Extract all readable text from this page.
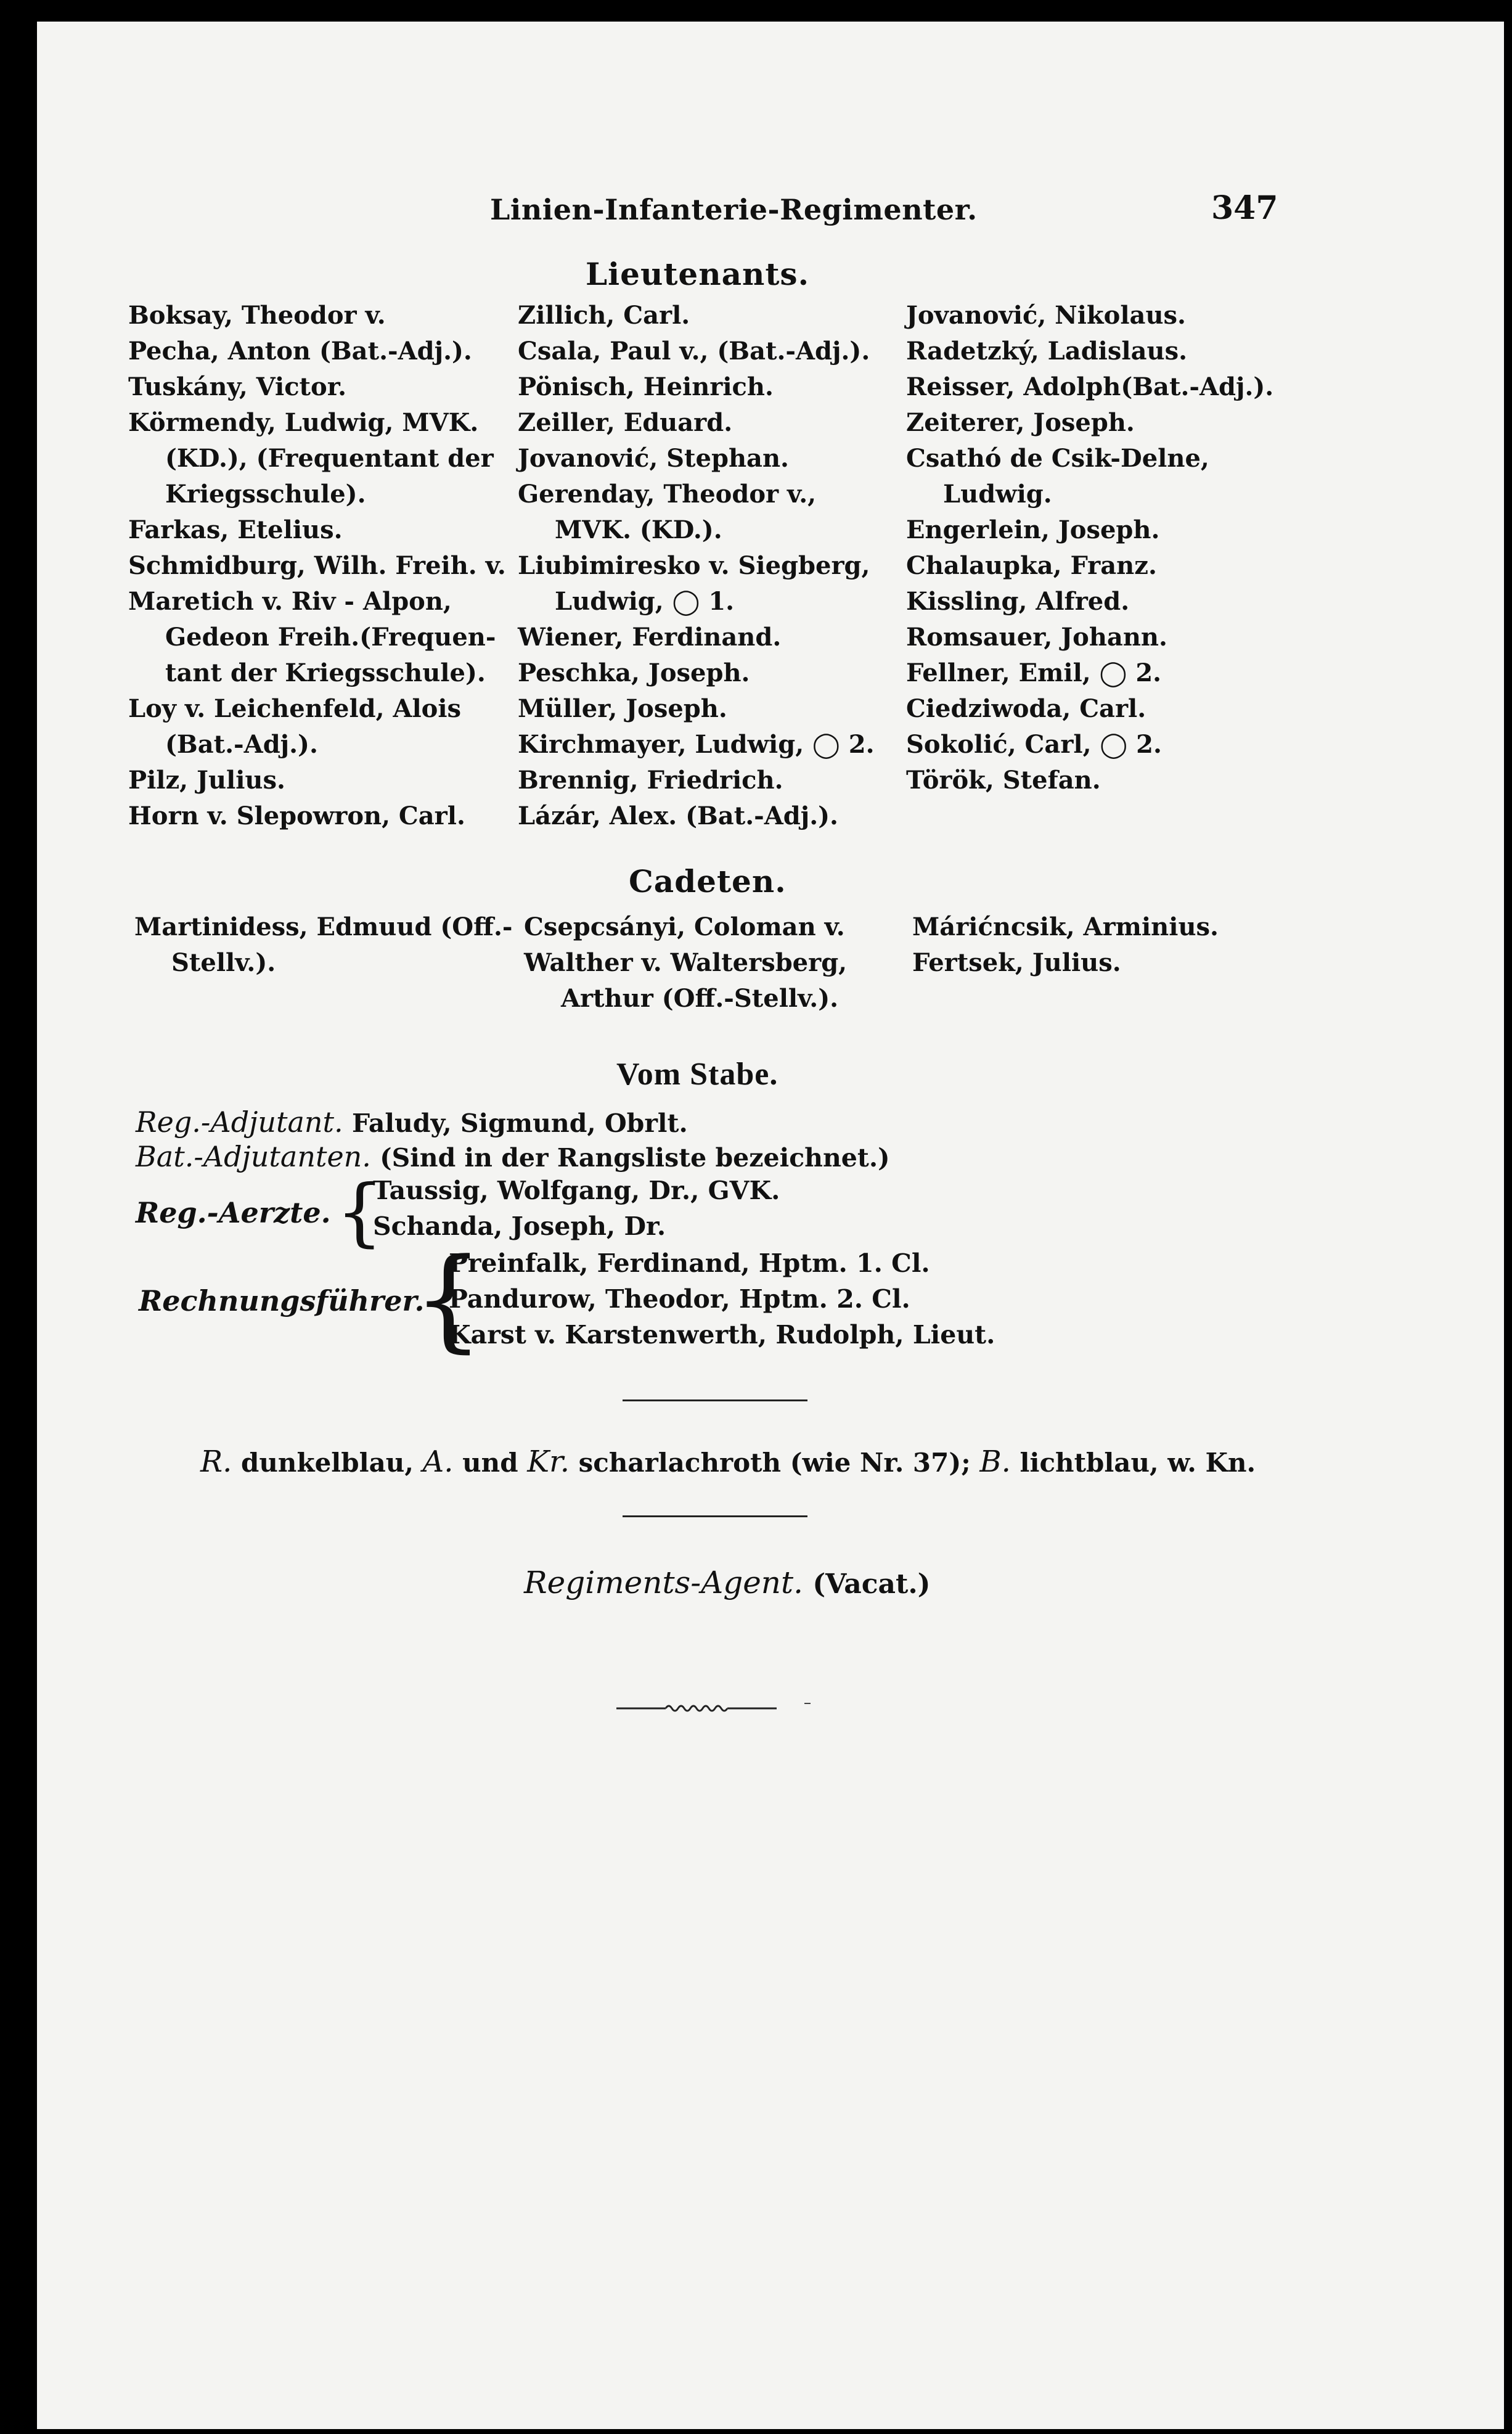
Linien-Infanterie-Regimenter.	347
Lieutenants.
Boksay, Theodor v.
Pecha, Anton (Bat.-Adj.).
Tuskány, Victor.
Körmendy, Ludwig, MVK.
(KD.), (Frequentant der
Kriegsschule).
Farkas, Etelius.
Schmidburg, Wilh. Freih. v.
Maretich v. Riv - Alpon,
Gedeon Freih.(Frequen-
tant der Kriegsschule).
Loy v. Leichenfeld, Alois
(Bat.-Adj.).
Pilz, Julius.
Horn v. Slepowron, Carl.
Zillich, Carl.
Csala, Paul v., (Bat.-Adj.).
Pönisch, Heinrich.
Zeiller, Eduard.
Jovanović, Stephan.
Gerenday, Theodor v.,
MVK. (KD.).
Liubimiresko v. Siegberg,
Ludwig, ◯ 1.
Wiener, Ferdinand.
Peschka, Joseph.
Müller, Joseph.
Kirchmayer, Ludwig, ◯ 2.
Brennig, Friedrich.
Lázár, Alex. (Bat.-Adj.).
Jovanović, Nikolaus.
Radetzký, Ladislaus.
Reisser, Adolph(Bat.-Adj.).
Zeiterer, Joseph.
Csathó de Csik-Delne,
Ludwig.
Engerlein, Joseph.
Chalaupka, Franz.
Kissling, Alfred.
Romsauer, Johann.
Fellner, Emil, ◯ 2.
Ciedziwoda, Carl.
Sokolić, Carl, ◯ 2.
Török, Stefan.
Cadeten.
Martinidess, Edmuud (Off.-
Stellv.).
Csepcsányi, Coloman v.
Walther v. Waltersberg,
Arthur (Off.-Stellv.).
Márićncsik, Arminius.
Fertsek, Julius.
Vom Stabe.
Reg.-Adjutant. Faludy, Sigmund, Obrlt.
Bat.-Adjutanten. (Sind in der Rangsliste bezeichnet.)
Reg.-Aerzte. {
Taussig, Wolfgang, Dr., GVK.
Schanda, Joseph, Dr.
Rechnungsführer.
{
Preinfalk, Ferdinand, Hptm. 1. Cl.
Pandurow, Theodor, Hptm. 2. Cl.
Karst v. Karstenwerth, Rudolph, Lieut.
R. dunkelblau, A. und Kr. scharlachroth (wie Nr. 37); B. lichtblau, w. Kn.
Regiments-Agent. (Vacat.)
